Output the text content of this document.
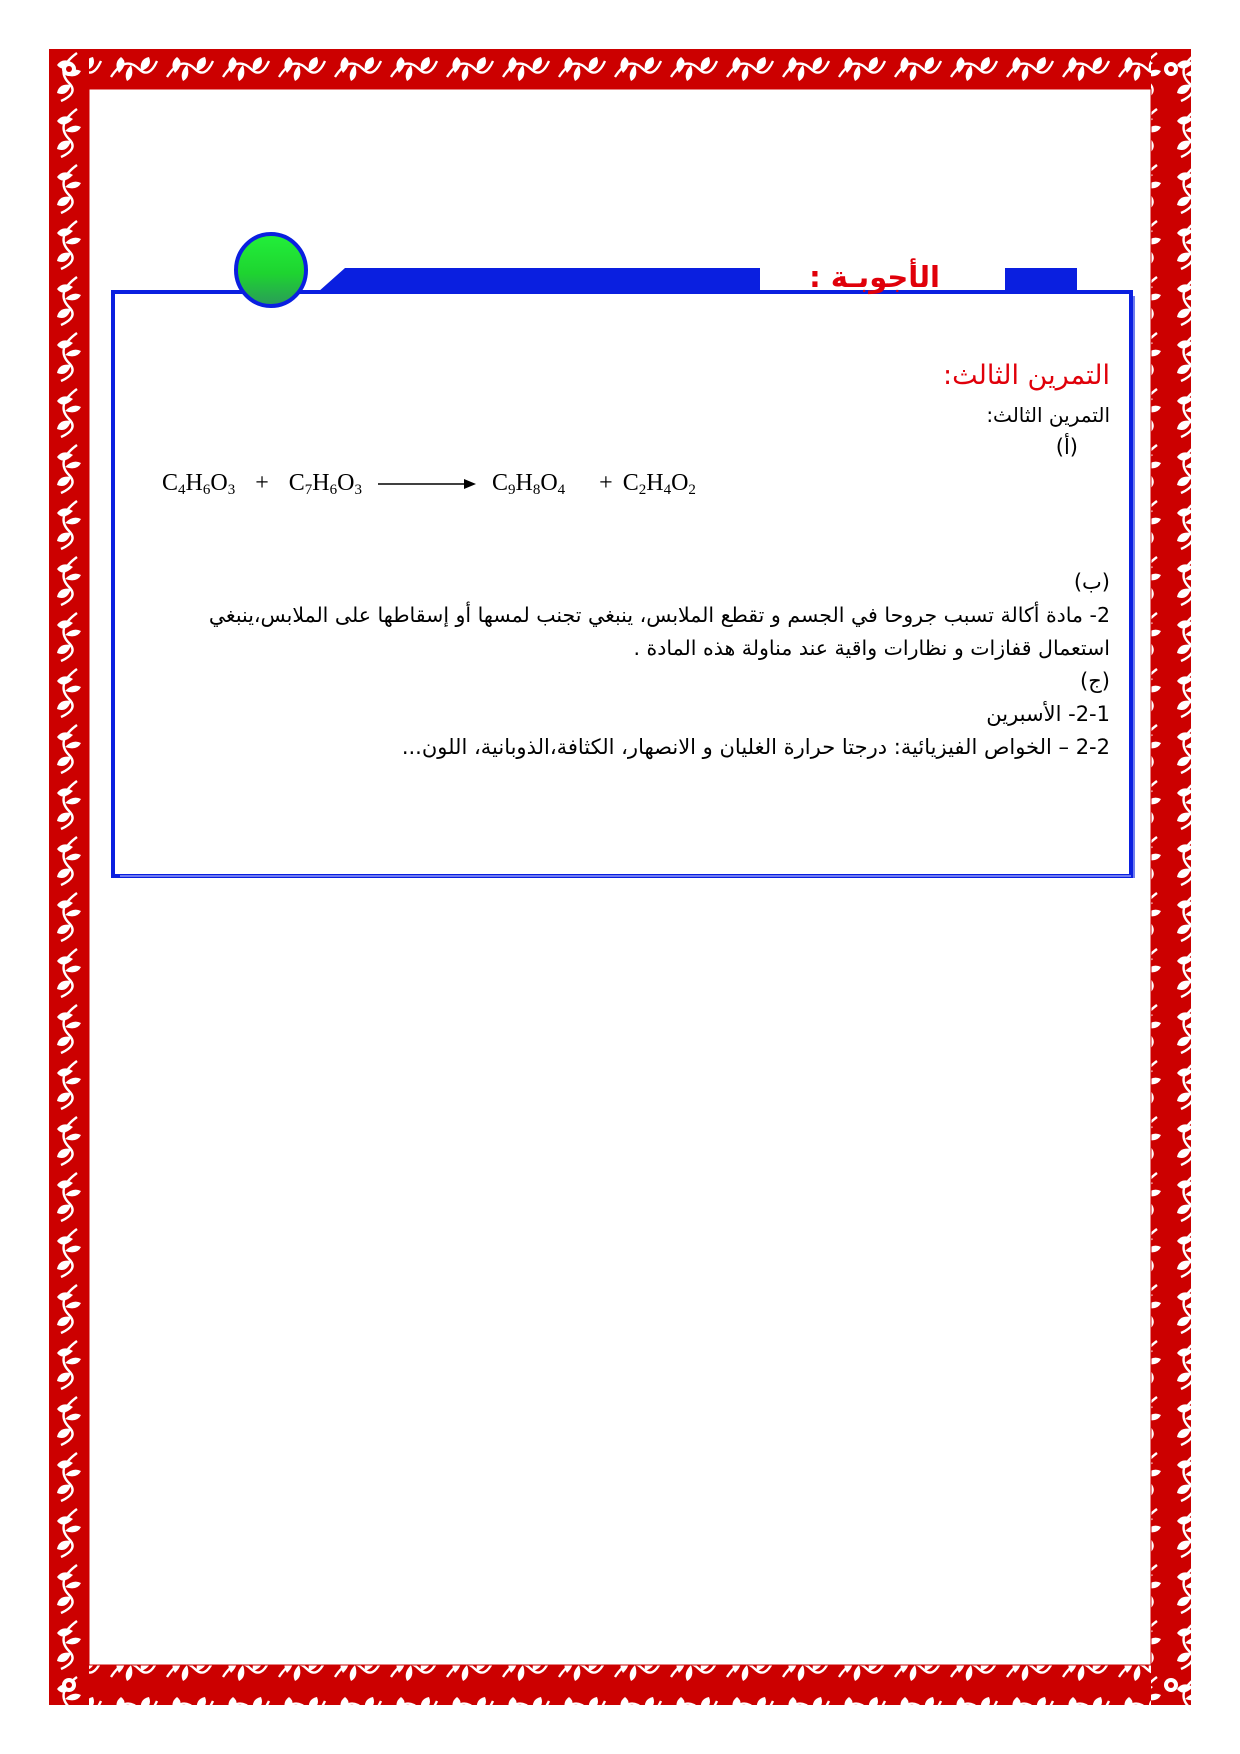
الأجوبـة :
التمرين الثالث:
التمرين الثالث:
(أ)
$C_4H_6O_3 + C_7H_6O_3$	$C_9H_8O_4 + C_2H_4O_2$
(ب)
2- مادة أكالة تسبب جروحا في الجسم و تقطع الملابس، ينبغي تجنب لمسها أو إسقاطها على الملابس،ينبغي
استعمال قفازات و نظارات واقية عند مناولة هذه المادة .
(ج)
2-1- الأسبرين
2-2 – الخواص الفيزيائية: درجتا حرارة الغليان و الانصهار، الكثافة،الذوبانية، اللون...
